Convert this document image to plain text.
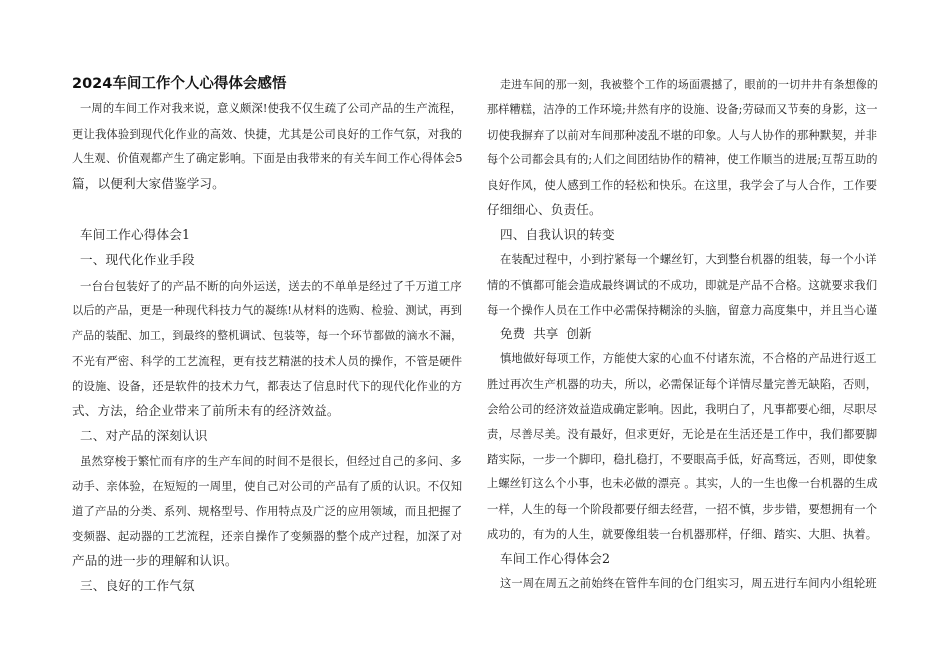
2024车间工作个人心得体会感悟
一周的车间工作对我来说，意义颇深!使我不仅生疏了公司产品的生产流程，
更让我体验到现代化作业的高效、快捷，尤其是公司良好的工作气氛，对我的
人生观、价值观都产生了确定影响。下面是由我带来的有关车间工作心得体会5
篇，以便利大家借鉴学习。
车间工作心得体会1
一、现代化作业手段
一台台包装好了的产品不断的向外运送，送去的不单单是经过了千万道工序
以后的产品，更是一种现代科技力气的凝练!从材料的选购、检验、测试，再到
产品的装配、加工，到最终的整机调试、包装等，每一个环节都做的滴水不漏，
不光有严密、科学的工艺流程，更有技艺精湛的技术人员的操作，不管是硬件
的设施、设备，还是软件的技术力气，都表达了信息时代下的现代化作业的方
式、方法，给企业带来了前所未有的经济效益。
二、对产品的深刻认识
虽然穿梭于繁忙而有序的生产车间的时间不是很长，但经过自己的多问、多
动手、亲体验，在短短的一周里，使自己对公司的产品有了质的认识。不仅知
道了产品的分类、系列、规格型号、作用特点及广泛的应用领域，而且把握了
变频器、起动器的工艺流程，还亲自操作了变频器的整个成产过程，加深了对
产品的进一步的理解和认识。
三、良好的工作气氛
走进车间的那一刻，我被整个工作的场面震撼了，眼前的一切井井有条想像的
那样糟糕，洁净的工作环境;井然有序的设施、设备;劳碌而又节奏的身影，这一
切使我摒弃了以前对车间那种凌乱不堪的印象。人与人协作的那种默契，并非
每个公司都会具有的;人们之间团结协作的精神，使工作顺当的进展;互帮互助的
良好作风，使人感到工作的轻松和快乐。在这里，我学会了与人合作，工作要
仔细细心、负责任。
四、自我认识的转变
在装配过程中，小到拧紧每一个螺丝钉，大到整台机器的组装，每一个小详
情的不慎都可能会造成最终调试的不成功，即就是产品不合格。这就要求我们
每一个操作人员在工作中必需保持糊涂的头脑，留意力高度集中，并且当心谨
免费 共享 创新
慎地做好每项工作，方能使大家的心血不付诸东流，不合格的产品进行返工
胜过再次生产机器的功夫，所以，必需保证每个详情尽量完善无缺陷，否则，
会给公司的经济效益造成确定影响。因此，我明白了，凡事都要心细，尽职尽
责，尽善尽美。没有最好，但求更好，无论是在生活还是工作中，我们都要脚
踏实际，一步一个脚印，稳扎稳打，不要眼高手低，好高骛远，否则，即使象
上螺丝钉这么个小事，也未必做的漂亮 。其实，人的一生也像一台机器的生成
一样，人生的每一个阶段都要仔细去经营，一招不慎，步步错，要想拥有一个
成功的，有为的人生，就要像组装一台机器那样，仔细、踏实、大胆、执着。
车间工作心得体会2
这一周在周五之前始终在管件车间的仓门组实习，周五进行车间内小组轮班
